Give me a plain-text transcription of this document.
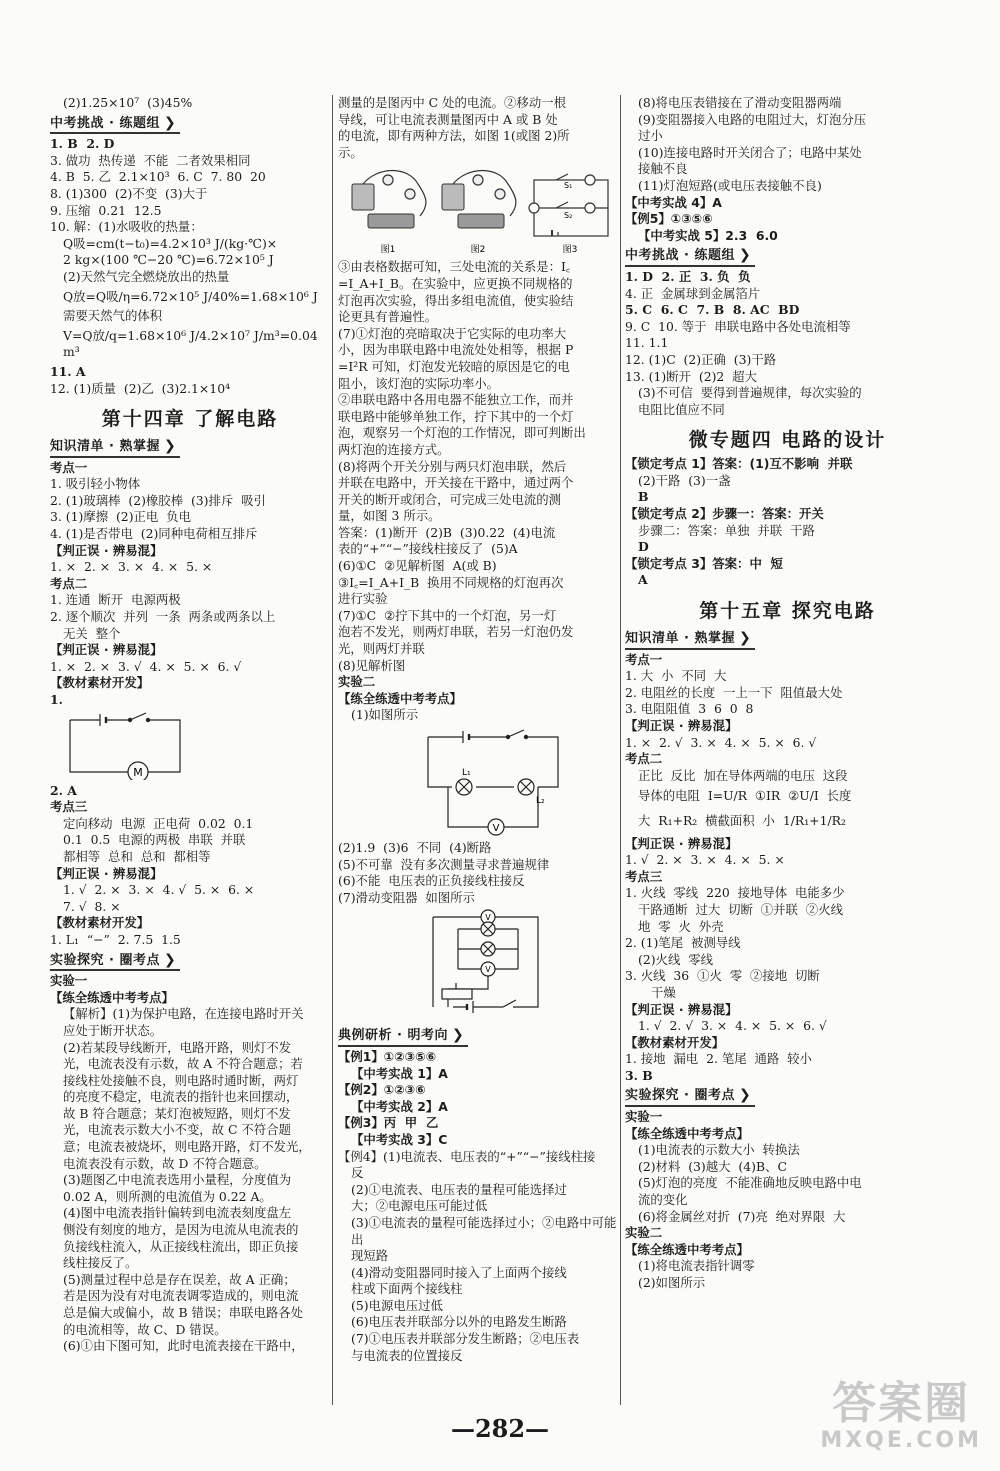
(2)1.25×10⁷  (3)45%
中考挑战 · 练题组 ❯
1. B  2. D
3. 做功  热传递  不能  二者效果相同
4. B  5. 乙  2.1×10³  6. C  7. 80  20
8. (1)300  (2)不变  (3)大于
9. 压缩  0.21  12.5
10. 解：(1)水吸收的热量：
Q吸=cm(t−t₀)=4.2×10³ J/(kg·℃)×
2 kg×(100 ℃−20 ℃)=6.72×10⁵ J
(2)天然气完全燃烧放出的热量
Q放=Q吸/η=6.72×10⁵ J/40%=1.68×10⁶ J
需要天然气的体积
V=Q放/q=1.68×10⁶ J/4.2×10⁷ J/m³=0.04 m³
11. A
12. (1)质量  (2)乙  (3)2.1×10⁴
第十四章 了解电路
知识清单 · 熟掌握 ❯
考点一
1. 吸引轻小物体
2. (1)玻璃棒  (2)橡胶棒  (3)排斥  吸引
3. (1)摩擦  (2)正电  负电
4. (1)是否带电  (2)同种电荷相互排斥
【判正误 · 辨易混】
1. ×  2. ×  3. ×  4. ×  5. ×
考点二
1. 连通  断开  电源两极
2. 逐个顺次  并列  一条  两条或两条以上
无关  整个
【判正误 · 辨易混】
1. ×  2. ×  3. √  4. ×  5. ×  6. √
【教材素材开发】
1.
M
2. A
考点三
定向移动  电源  正电荷  0.02  0.1
0.1  0.5  电源的两极  串联  并联
都相等  总和  总和  都相等
【判正误 · 辨易混】
1. √  2. ×  3. ×  4. √  5. ×  6. ×
7. √  8. ×
【教材素材开发】
1. L₁  “−”  2. 7.5  1.5
实验探究 · 圈考点 ❯
实验一
【练全练透中考考点】
【解析】(1)为保护电路，在连接电路时开关
应处于断开状态。
(2)若某段导线断开，电路开路，则灯不发
光，电流表没有示数，故 A 不符合题意；若
接线柱处接触不良，则电路时通时断，两灯
的亮度不稳定，电流表的指针也来回摆动，
故 B 符合题意；某灯泡被短路，则灯不发
光，电流表示数大小不变，故 C 不符合题
意；电流表被烧坏，则电路开路，灯不发光，
电流表没有示数，故 D 不符合题意。
(3)题图乙中电流表选用小量程，分度值为
0.02 A，则所测的电流值为 0.22 A。
(4)图中电流表指针偏转到电流表刻度盘左
侧没有刻度的地方，是因为电流从电流表的
负接线柱流入，从正接线柱流出，即正负接
线柱接反了。
(5)测量过程中总是存在误差，故 A 正确；
若是因为没有对电流表调零造成的，则电流
总是偏大或偏小，故 B 错误；串联电路各处
的电流相等，故 C、D 错误。
(6)①由下图可知，此时电流表接在干路中，
测量的是图丙中 C 处的电流。②移动一根
导线，可让电流表测量图丙中 A 或 B 处
的电流，即有两种方法，如图 1(或图 2)所
示。
S₁
S₂
图1	图2	图3
③由表格数据可知，三处电流的关系是：I꜀
=I_A+I_B。在实验中，应更换不同规格的
灯泡再次实验，得出多组电流值，使实验结
论更具有普遍性。
(7)①灯泡的亮暗取决于它实际的电功率大
小，因为串联电路中电流处处相等，根据 P
=I²R 可知，灯泡发光较暗的原因是它的电
阻小，该灯泡的实际功率小。
②串联电路中各用电器不能独立工作，而并
联电路中能够单独工作，拧下其中的一个灯
泡，观察另一个灯泡的工作情况，即可判断出
两灯泡的连接方式。
(8)将两个开关分别与两只灯泡串联，然后
并联在电路中，开关接在干路中，通过两个
开关的断开或闭合，可完成三处电流的测
量，如图 3 所示。
答案：(1)断开  (2)B  (3)0.22  (4)电流
表的“+”“−”接线柱接反了  (5)A
(6)①C  ②见解析图  A(或 B)
③I꜀=I_A+I_B  换用不同规格的灯泡再次
进行实验
(7)①C  ②拧下其中的一个灯泡，另一灯
泡若不发光，则两灯串联，若另一灯泡仍发
光，则两灯并联
(8)见解析图
实验二
【练全练透中考考点】
(1)如图所示
L₁
L₂
V
(2)1.9  (3)6  不同  (4)断路
(5)不可靠  没有多次测量寻求普遍规律
(6)不能  电压表的正负接线柱接反
(7)滑动变阻器  如图所示
V
V
典例研析 · 明考向 ❯
【例1】①②③⑤⑥
【中考实战 1】A
【例2】①②③⑥
【中考实战 2】A
【例3】丙  甲  乙
【中考实战 3】C
【例4】(1)电流表、电压表的“+”“−”接线柱接
反
(2)①电流表、电压表的量程可能选择过
大；②电源电压可能过低
(3)①电流表的量程可能选择过小；②电路中可能出
现短路
(4)滑动变阻器同时接入了上面两个接线
柱或下面两个接线柱
(5)电源电压过低
(6)电压表并联部分以外的电路发生断路
(7)①电压表并联部分发生断路；②电压表
与电流表的位置接反
(8)将电压表错接在了滑动变阻器两端
(9)变阻器接入电路的电阻过大，灯泡分压
过小
(10)连接电路时开关闭合了；电路中某处
接触不良
(11)灯泡短路(或电压表接触不良)
【中考实战 4】A
【例5】①③⑤⑥
【中考实战 5】2.3  6.0
中考挑战 · 练题组 ❯
1. D  2. 正  3. 负  负
4. 正  金属球到金属箔片
5. C  6. C  7. B  8. AC  BD
9. C  10. 等于  串联电路中各处电流相等
11. 1.1
12. (1)C  (2)正确  (3)干路
13. (1)断开  (2)2  超大
(3)不可信  要得到普遍规律，每次实验的
电阻比值应不同
微专题四 电路的设计
【锁定考点 1】答案：(1)互不影响  并联
(2)干路  (3)一盏
B
【锁定考点 2】步骤一：答案：开关
步骤二：答案：单独  并联  干路
D
【锁定考点 3】答案：中  短
A
第十五章 探究电路
知识清单 · 熟掌握 ❯
考点一
1. 大  小  不同  大
2. 电阻丝的长度  一上一下  阻值最大处
3. 电阻阻值  3  6  0  8
【判正误 · 辨易混】
1. ×  2. √  3. ×  4. ×  5. ×  6. √
考点二
正比  反比  加在导体两端的电压  这段
导体的电阻  I=U/R  ①IR  ②U/I  长度
大  R₁+R₂  横截面积  小  1/R₁+1/R₂
【判正误 · 辨易混】
1. √  2. ×  3. ×  4. ×  5. ×
考点三
1. 火线  零线  220  接地导体  电能多少
干路通断  过大  切断  ①并联  ②火线
地  零  火  外壳
2. (1)笔尾  被测导线
(2)火线  零线
3. 火线  36  ①火  零  ②接地  切断
干燥
【判正误 · 辨易混】
1. √  2. √  3. ×  4. ×  5. ×  6. √
【教材素材开发】
1. 接地  漏电  2. 笔尾  通路  较小
3. B
实验探究 · 圈考点 ❯
实验一
【练全练透中考考点】
(1)电流表的示数大小  转换法
(2)材料  (3)越大  (4)B、C
(5)灯泡的亮度  不能准确地反映电路中电
流的变化
(6)将金属丝对折  (7)亮  绝对界限  大
实验二
【练全练透中考考点】
(1)将电流表指针调零
(2)如图所示
—282—	答案圈
MXQE.COM
